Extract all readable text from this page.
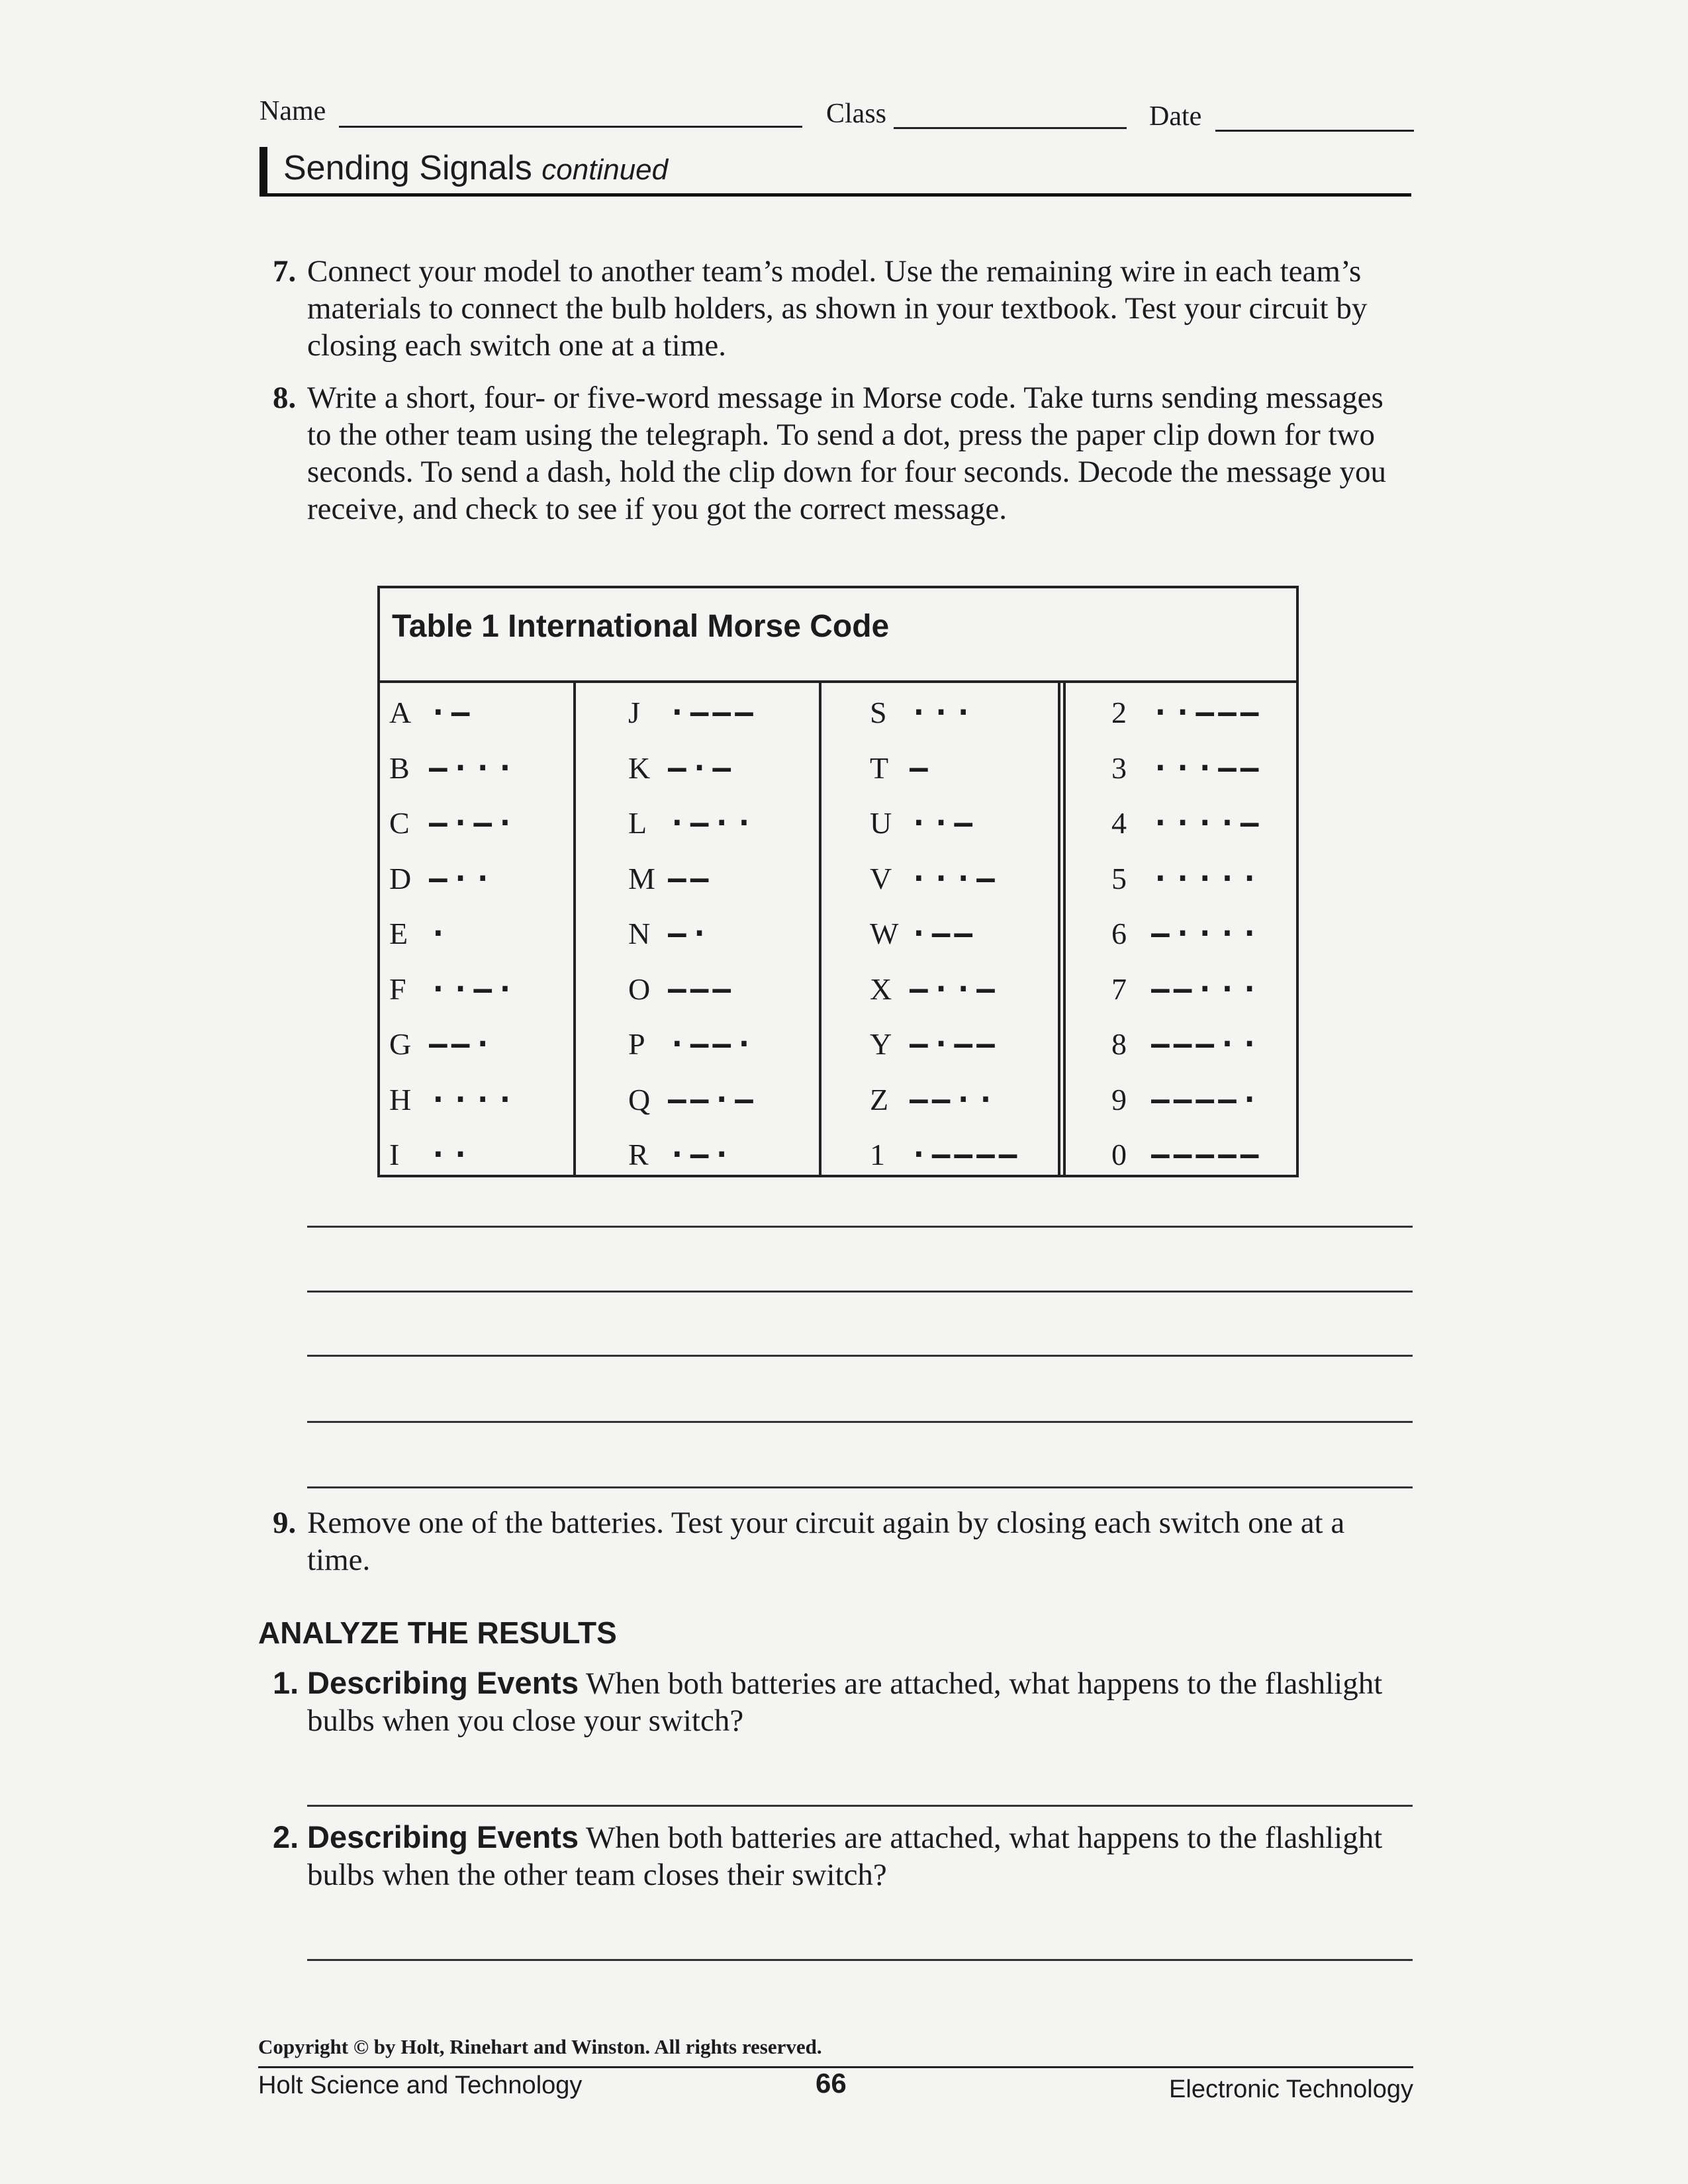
Name	Class	Date
Sending Signals continued
7. Connect your model to another team’s model. Use the remaining wire in each team’s materials to connect the bulb holders, as shown in your textbook. Test your circuit by closing each switch one at a time.
8. Write a short, four- or five-word message in Morse code. Take turns sending messages to the other team using the telegraph. To send a dot, press the paper clip down for two seconds. To send a dash, hold the clip down for four seconds. Decode the message you receive, and check to see if you got the correct message.
Table 1 International Morse Code
A ·–
B –···
C –·–·
D –··
E ·
F ··–·
G ––·
H ····
I ··
J ·–––
K –·–
L ·–··
M ––
N –·
O –––
P ·––·
Q ––·–
R ·–·
S ···
T –
U ··–
V ···–
W ·––
X –··–
Y –·––
Z ––··
1 ·––––
2 ··–––
3 ···––
4 ····–
5 ·····
6 –····
7 ––···
8 –––··
9 ––––·
0 –––––
9. Remove one of the batteries. Test your circuit again by closing each switch one at a time.
ANALYZE THE RESULTS
1. Describing Events When both batteries are attached, what happens to the flashlight bulbs when you close your switch?
2. Describing Events When both batteries are attached, what happens to the flashlight bulbs when the other team closes their switch?
Copyright © by Holt, Rinehart and Winston. All rights reserved.
Holt Science and Technology	66	Electronic Technology
